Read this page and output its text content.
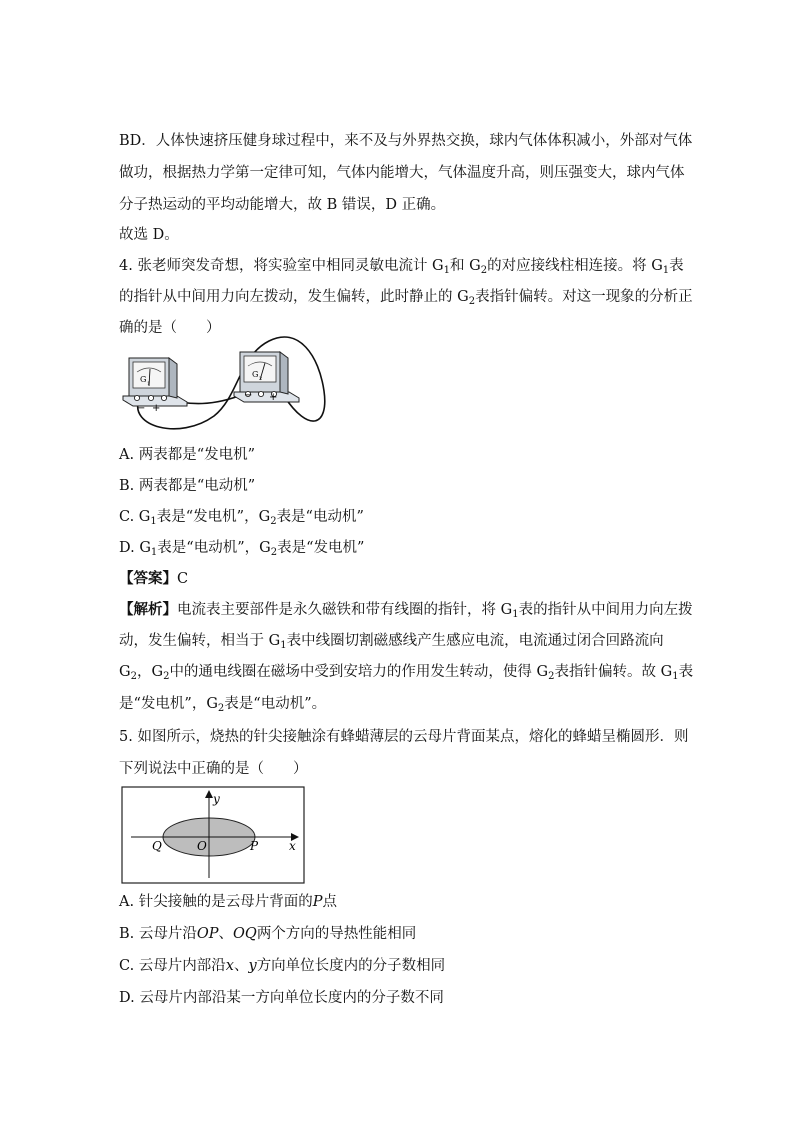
BD．人体快速挤压健身球过程中，来不及与外界热交换，球内气体体积减小，外部对气体
做功，根据热力学第一定律可知，气体内能增大，气体温度升高，则压强变大，球内气体
分子热运动的平均动能增大，故 B 错误，D 正确。
故选 D。
4. 张老师突发奇想，将实验室中相同灵敏电流计 $G_1$和 $G_2$的对应接线柱相连接。将 $G_1$表
的指针从中间用力向左拨动，发生偏转，此时静止的 $G_2$表指针偏转。对这一现象的分析正
确的是（　　）
G 1
− +
G 2
− +
A. 两表都是“发电机”
B. 两表都是“电动机”
C. $G_1$表是“发电机”，$G_2$表是“电动机”
D. $G_1$表是“电动机”，$G_2$表是“发电机”
【答案】C
【解析】电流表主要部件是永久磁铁和带有线圈的指针，将 $G_1$表的指针从中间用力向左拨
动，发生偏转，相当于 $G_1$表中线圈切割磁感线产生感应电流，电流通过闭合回路流向
$G_2$，$G_2$中的通电线圈在磁场中受到安培力的作用发生转动，使得 $G_2$表指针偏转。故 $G_1$表
是“发电机”，$G_2$表是“电动机”。
5. 如图所示，烧热的针尖接触涂有蜂蜡薄层的云母片背面某点，熔化的蜂蜡呈椭圆形．则
下列说法中正确的是（　　）
y
x
O	P
Q
A. 针尖接触的是云母片背面的P点
B. 云母片沿OP、OQ两个方向的导热性能相同
C. 云母片内部沿x、y方向单位长度内的分子数相同
D. 云母片内部沿某一方向单位长度内的分子数不同
